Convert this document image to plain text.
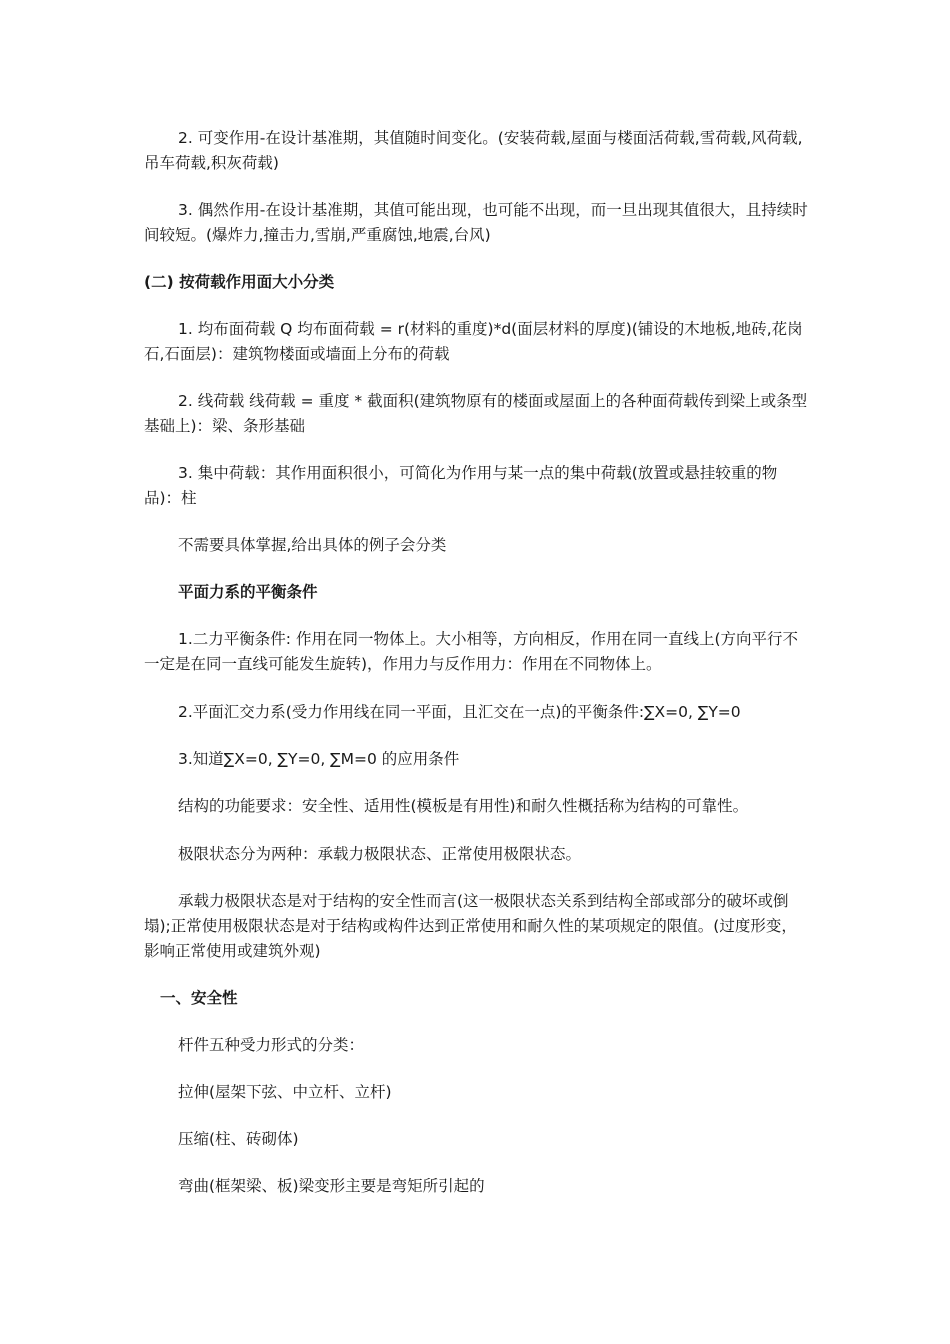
2. 可变作用-在设计基准期，其值随时间变化。(安装荷载,屋面与楼面活荷载,雪荷载,风荷载,吊车荷载,积灰荷载)

3. 偶然作用-在设计基准期，其值可能出现，也可能不出现，而一旦出现其值很大，且持续时间较短。(爆炸力,撞击力,雪崩,严重腐蚀,地震,台风)

(二) 按荷载作用面大小分类

1. 均布面荷载 Q 均布面荷载 = r(材料的重度)*d(面层材料的厚度)(铺设的木地板,地砖,花岗石,石面层)：建筑物楼面或墙面上分布的荷载

2. 线荷载 线荷载 = 重度 * 截面积(建筑物原有的楼面或屋面上的各种面荷载传到梁上或条型基础上)：梁、条形基础

3. 集中荷载：其作用面积很小，可简化为作用与某一点的集中荷载(放置或悬挂较重的物品)：柱

不需要具体掌握,给出具体的例子会分类

平面力系的平衡条件

1.二力平衡条件: 作用在同一物体上。大小相等，方向相反，作用在同一直线上(方向平行不一定是在同一直线可能发生旋转)，作用力与反作用力：作用在不同物体上。

2.平面汇交力系(受力作用线在同一平面，且汇交在一点)的平衡条件:∑X=0, ∑Y=0

3.知道∑X=0, ∑Y=0, ∑M=0 的应用条件

结构的功能要求：安全性、适用性(模板是有用性)和耐久性概括称为结构的可靠性。

极限状态分为两种：承载力极限状态、正常使用极限状态。

承载力极限状态是对于结构的安全性而言(这一极限状态关系到结构全部或部分的破坏或倒塌);正常使用极限状态是对于结构或构件达到正常使用和耐久性的某项规定的限值。(过度形变，影响正常使用或建筑外观)

一、安全性

杆件五种受力形式的分类：

拉伸(屋架下弦、中立杆、立杆)

压缩(柱、砖砌体)

弯曲(框架梁、板)梁变形主要是弯矩所引起的
